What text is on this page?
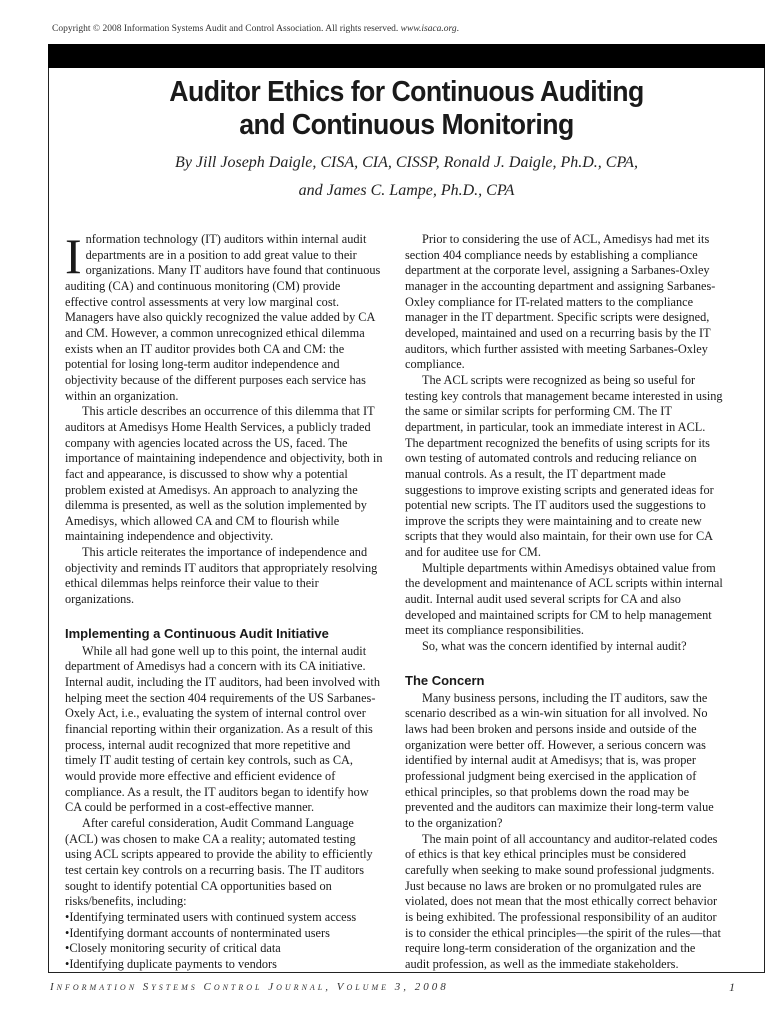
Copyright © 2008 Information Systems Audit and Control Association. All rights reserved. www.isaca.org.
Auditor Ethics for Continuous Auditing
and Continuous Monitoring
By Jill Joseph Daigle, CISA, CIA, CISSP, Ronald J. Daigle, Ph.D., CPA,
and James C. Lampe, Ph.D., CPA

Information technology (IT) auditors within internal audit departments are in a position to add great value to their organizations. Many IT auditors have found that continuous auditing (CA) and continuous monitoring (CM) provide effective control assessments at very low marginal cost. Managers have also quickly recognized the value added by CA and CM. However, a common unrecognized ethical dilemma exists when an IT auditor provides both CA and CM: the potential for losing long-term auditor independence and objectivity because of the different purposes each service has within an organization.

This article describes an occurrence of this dilemma that IT auditors at Amedisys Home Health Services, a publicly traded company with agencies located across the US, faced. The importance of maintaining independence and objectivity, both in fact and appearance, is discussed to show why a potential problem existed at Amedisys. An approach to analyzing the dilemma is presented, as well as the solution implemented by Amedisys, which allowed CA and CM to flourish while maintaining independence and objectivity.

This article reiterates the importance of independence and objectivity and reminds IT auditors that appropriately resolving ethical dilemmas helps reinforce their value to their organizations.

Implementing a Continuous Audit Initiative

While all had gone well up to this point, the internal audit department of Amedisys had a concern with its CA initiative. Internal audit, including the IT auditors, had been involved with helping meet the section 404 requirements of the US Sarbanes-Oxely Act, i.e., evaluating the system of internal control over financial reporting within their organization. As a result of this process, internal audit recognized that more repetitive and timely IT audit testing of certain key controls, such as CA, would provide more effective and efficient evidence of compliance. As a result, the IT auditors began to identify how CA could be performed in a cost-effective manner.

After careful consideration, Audit Command Language (ACL) was chosen to make CA a reality; automated testing using ACL scripts appeared to provide the ability to efficiently test certain key controls on a recurring basis. The IT auditors sought to identify potential CA opportunities based on risks/benefits, including:

• Identifying terminated users with continued system access
• Identifying dormant accounts of nonterminated users
• Closely monitoring security of critical data
• Identifying duplicate payments to vendors

Prior to considering the use of ACL, Amedisys had met its section 404 compliance needs by establishing a compliance department at the corporate level, assigning a Sarbanes-Oxley manager in the accounting department and assigning Sarbanes-Oxley compliance for IT-related matters to the compliance manager in the IT department. Specific scripts were designed, developed, maintained and used on a recurring basis by the IT auditors, which further assisted with meeting Sarbanes-Oxley compliance.

The ACL scripts were recognized as being so useful for testing key controls that management became interested in using the same or similar scripts for performing CM. The IT department, in particular, took an immediate interest in ACL. The department recognized the benefits of using scripts for its own testing of automated controls and reducing reliance on manual controls. As a result, the IT department made suggestions to improve existing scripts and generated ideas for potential new scripts. The IT auditors used the suggestions to improve the scripts they were maintaining and to create new scripts that they would also maintain, for their own use for CA and for auditee use for CM.

Multiple departments within Amedisys obtained value from the development and maintenance of ACL scripts within internal audit. Internal audit used several scripts for CA and also developed and maintained scripts for CM to help management meet its compliance responsibilities.

So, what was the concern identified by internal audit?

The Concern

Many business persons, including the IT auditors, saw the scenario described as a win-win situation for all involved. No laws had been broken and persons inside and outside of the organization were better off. However, a serious concern was identified by internal audit at Amedisys; that is, was proper professional judgment being exercised in the application of ethical principles, so that problems down the road may be prevented and the auditors can maximize their long-term value to the organization?

The main point of all accountancy and auditor-related codes of ethics is that key ethical principles must be considered carefully when seeking to make sound professional judgments. Just because no laws are broken or no promulgated rules are violated, does not mean that the most ethically correct behavior is being exhibited. The professional responsibility of an auditor is to consider the ethical principles—the spirit of the rules—that require long-term consideration of the organization and the audit profession, as well as the immediate stakeholders.

Information Systems Control Journal, Volume 3, 2008	1
